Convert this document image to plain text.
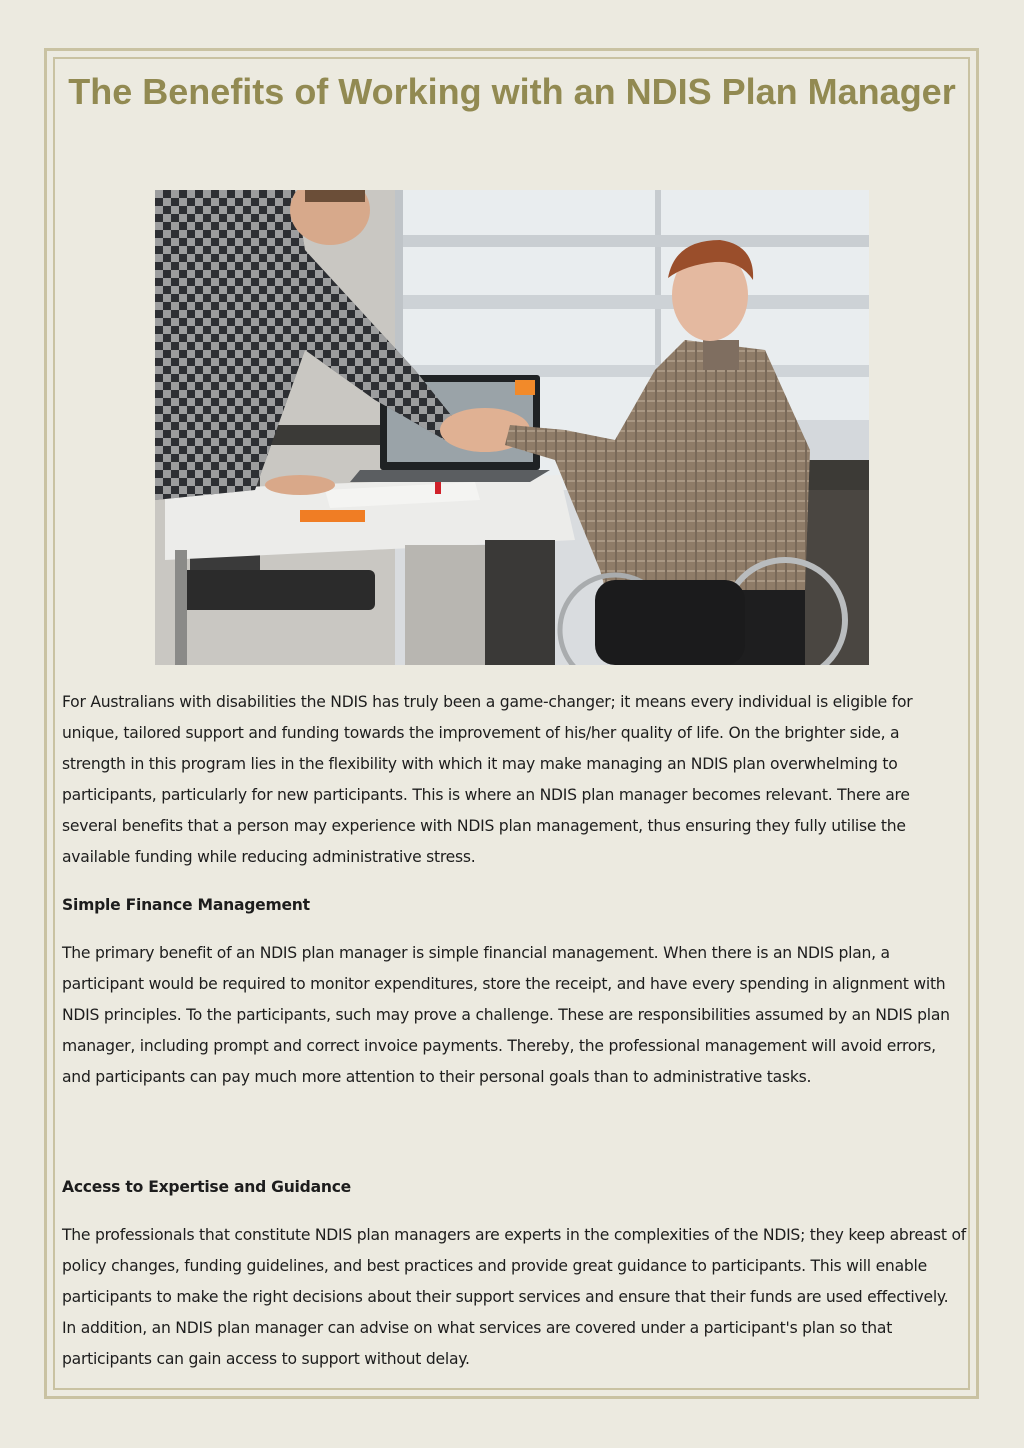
The Benefits of Working with an NDIS Plan Manager

For Australians with disabilities the NDIS has truly been a game-changer; it means every individual is eligible for unique, tailored support and funding towards the improvement of his/her quality of life. On the brighter side, a strength in this program lies in the flexibility with which it may make managing an NDIS plan overwhelming to participants, particularly for new participants. This is where an NDIS plan manager becomes relevant. There are several benefits that a person may experience with NDIS plan management, thus ensuring they fully utilise the available funding while reducing administrative stress.

Simple Finance Management

The primary benefit of an NDIS plan manager is simple financial management. When there is an NDIS plan, a participant would be required to monitor expenditures, store the receipt, and have every spending in alignment with NDIS principles. To the participants, such may prove a challenge. These are responsibilities assumed by an NDIS plan manager, including prompt and correct invoice payments. Thereby, the professional management will avoid errors, and participants can pay much more attention to their personal goals than to administrative tasks.

Access to Expertise and Guidance

The professionals that constitute NDIS plan managers are experts in the complexities of the NDIS; they keep abreast of policy changes, funding guidelines, and best practices and provide great guidance to participants. This will enable participants to make the right decisions about their support services and ensure that their funds are used effectively. In addition, an NDIS plan manager can advise on what services are covered under a participant's plan so that participants can gain access to support without delay.
